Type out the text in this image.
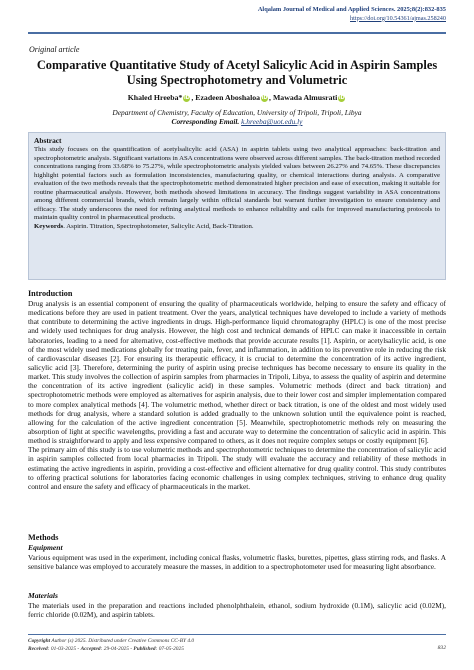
Alqalam Journal of Medical and Applied Sciences. 2025;8(2):832-835
https://doi.org/10.54361/ajmas.258240
Original article
Comparative Quantitative Study of Acetyl Salicylic Acid in Aspirin Samples Using Spectrophotometry and Volumetric
Khaled Hreeba* iD , Ezadeen Aboshaloa iD , Mawada Almusrati iD
Department of Chemistry, Faculty of Education, University of Tripoli, Tripoli, Libya
Corresponding Email. k.hreeba@uot.edu.ly
Abstract
This study focuses on the quantification of acetylsalicylic acid (ASA) in aspirin tablets using two analytical approaches: back-titration and spectrophotometric analysis. Significant variations in ASA concentrations were observed across different samples. The back-titration method recorded concentrations ranging from 33.68% to 75.27%, while spectrophotometric analysis yielded values between 26.27% and 74.65%. These discrepancies highlight potential factors such as formulation inconsistencies, manufacturing quality, or chemical interactions during analysis. A comparative evaluation of the two methods reveals that the spectrophotometric method demonstrated higher precision and ease of execution, making it suitable for routine pharmaceutical analysis. However, both methods showed limitations in accuracy. The findings suggest variability in ASA concentrations among different commercial brands, which remain largely within official standards but warrant further investigation to ensure consistency and efficacy. The study underscores the need for refining analytical methods to enhance reliability and calls for improved manufacturing protocols to maintain quality control in pharmaceutical products.
Keywords. Aspirin. Titration, Spectrophotometer, Salicylic Acid, Back-Titration.
Introduction
Drug analysis is an essential component of ensuring the quality of pharmaceuticals worldwide, helping to ensure the safety and efficacy of medications before they are used in patient treatment. Over the years, analytical techniques have developed to include a variety of methods that contribute to determining the active ingredients in drugs. High-performance liquid chromatography (HPLC) is one of the most precise and widely used techniques for drug analysis. However, the high cost and technical demands of HPLC can make it inaccessible in certain laboratories, leading to a need for alternative, cost-effective methods that provide accurate results [1]. Aspirin, or acetylsalicylic acid, is one of the most widely used medications globally for treating pain, fever, and inflammation, in addition to its preventive role in reducing the risk of cardiovascular diseases [2]. For ensuring its therapeutic efficacy, it is crucial to determine the concentration of its active ingredient, salicylic acid [3]. Therefore, determining the purity of aspirin using precise techniques has become necessary to ensure its quality in the market. This study involves the collection of aspirin samples from pharmacies in Tripoli, Libya, to assess the quality of aspirin and determine the concentration of its active ingredient (salicylic acid) in these samples. Volumetric methods (direct and back titration) and spectrophotometric methods were employed as alternatives for aspirin analysis, due to their lower cost and simpler implementation compared to more complex analytical methods [4]. The volumetric method, whether direct or back titration, is one of the oldest and most widely used methods for drug analysis, where a standard solution is added gradually to the unknown solution until the equivalence point is reached, allowing for the calculation of the active ingredient concentration [5]. Meanwhile, spectrophotometric methods rely on measuring the absorption of light at specific wavelengths, providing a fast and accurate way to determine the concentration of salicylic acid in aspirin. This method is straightforward to apply and less expensive compared to others, as it does not require complex setups or costly equipment [6].
The primary aim of this study is to use volumetric methods and spectrophotometric techniques to determine the concentration of salicylic acid in aspirin samples collected from local pharmacies in Tripoli. The study will evaluate the accuracy and reliability of these methods in estimating the active ingredients in aspirin, providing a cost-effective and efficient alternative for drug quality control. This study contributes to offering practical solutions for laboratories facing economic challenges in using complex techniques, striving to enhance drug quality control and ensure the safety and efficacy of pharmaceuticals in the market.
Methods
Equipment
Various equipment was used in the experiment, including conical flasks, volumetric flasks, burettes, pipettes, glass stirring rods, and flasks. A sensitive balance was employed to accurately measure the masses, in addition to a spectrophotometer used for measuring light absorbance.
Materials
The materials used in the preparation and reactions included phenolphthalein, ethanol, sodium hydroxide (0.1M), salicylic acid (0.02M), ferric chloride (0.02M), and aspirin tablets.
Copyright Author (s) 2025. Distributed under Creative Commons CC-BY 4.0
Received: 01-03-2025 - Accepted: 29-04-2025 - Published: 07-05-2025	832
